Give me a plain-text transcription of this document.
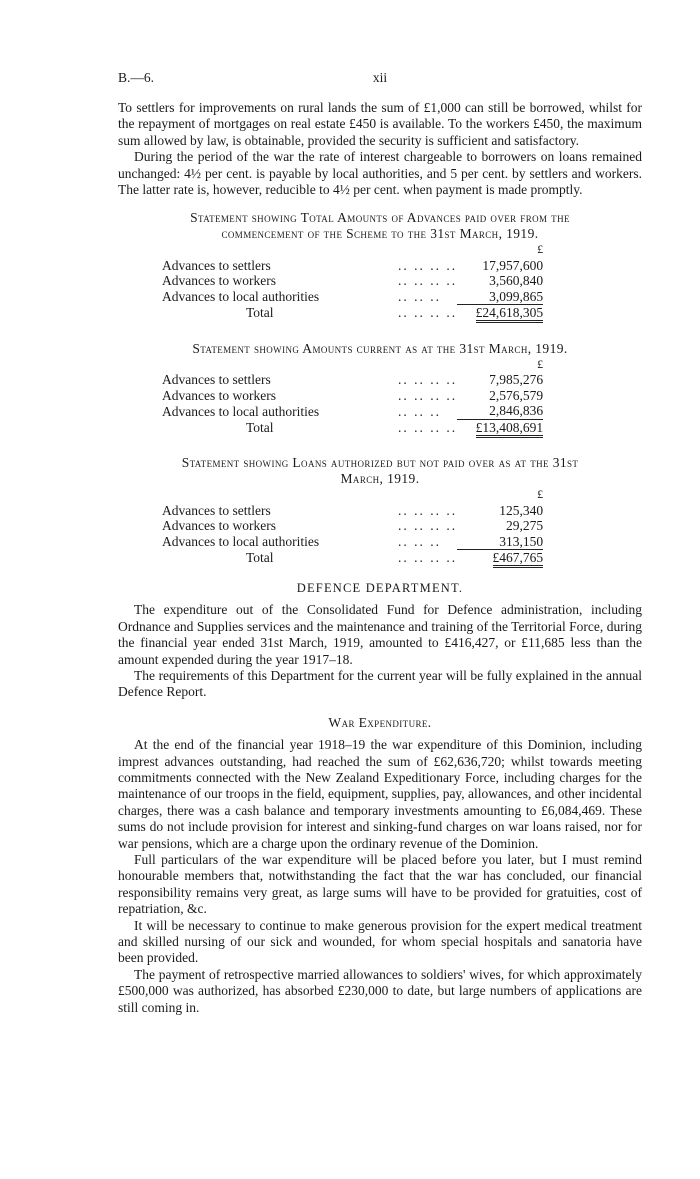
B.—6.	xii

To settlers for improvements on rural lands the sum of £1,000 can still be borrowed, whilst for the repayment of mortgages on real estate £450 is available. To the workers £450, the maximum sum allowed by law, is obtainable, provided the security is sufficient and satisfactory.

During the period of the war the rate of interest chargeable to borrowers on loans remained unchanged: 4½ per cent. is payable by local authorities, and 5 per cent. by settlers and workers. The latter rate is, however, reducible to 4½ per cent. when payment is made promptly.

Statement showing Total Amounts of Advances paid over from the
commencement of the Scheme to the 31st March, 1919.
		£
Advances to settlers	.. .. .. ..	17,957,600
Advances to workers	.. .. .. ..	3,560,840
Advances to local authorities	.. .. ..	3,099,865
Total	.. .. .. ..	£24,618,305
Statement showing Amounts current as at the 31st March, 1919.
		£
Advances to settlers	.. .. .. ..	7,985,276
Advances to workers	.. .. .. ..	2,576,579
Advances to local authorities	.. .. ..	2,846,836
Total	.. .. .. ..	£13,408,691
Statement showing Loans authorized but not paid over as at the 31st
March, 1919.
		£
Advances to settlers	.. .. .. ..	125,340
Advances to workers	.. .. .. ..	29,275
Advances to local authorities	.. .. ..	313,150
Total	.. .. .. ..	£467,765
DEFENCE DEPARTMENT.

The expenditure out of the Consolidated Fund for Defence administration, including Ordnance and Supplies services and the maintenance and training of the Territorial Force, during the financial year ended 31st March, 1919, amounted to £416,427, or £11,685 less than the amount expended during the year 1917–18.

The requirements of this Department for the current year will be fully explained in the annual Defence Report.

War Expenditure.

At the end of the financial year 1918–19 the war expenditure of this Dominion, including imprest advances outstanding, had reached the sum of £62,636,720; whilst towards meeting commitments connected with the New Zealand Expeditionary Force, including charges for the maintenance of our troops in the field, equipment, supplies, pay, allowances, and other incidental charges, there was a cash balance and temporary investments amounting to £6,084,469. These sums do not include provision for interest and sinking-fund charges on war loans raised, nor for war pensions, which are a charge upon the ordinary revenue of the Dominion.

Full particulars of the war expenditure will be placed before you later, but I must remind honourable members that, notwithstanding the fact that the war has concluded, our financial responsibility remains very great, as large sums will have to be provided for gratuities, cost of repatriation, &c.

It will be necessary to continue to make generous provision for the expert medical treatment and skilled nursing of our sick and wounded, for whom special hospitals and sanatoria have been provided.

The payment of retrospective married allowances to soldiers' wives, for which approximately £500,000 was authorized, has absorbed £230,000 to date, but large numbers of applications are still coming in.
